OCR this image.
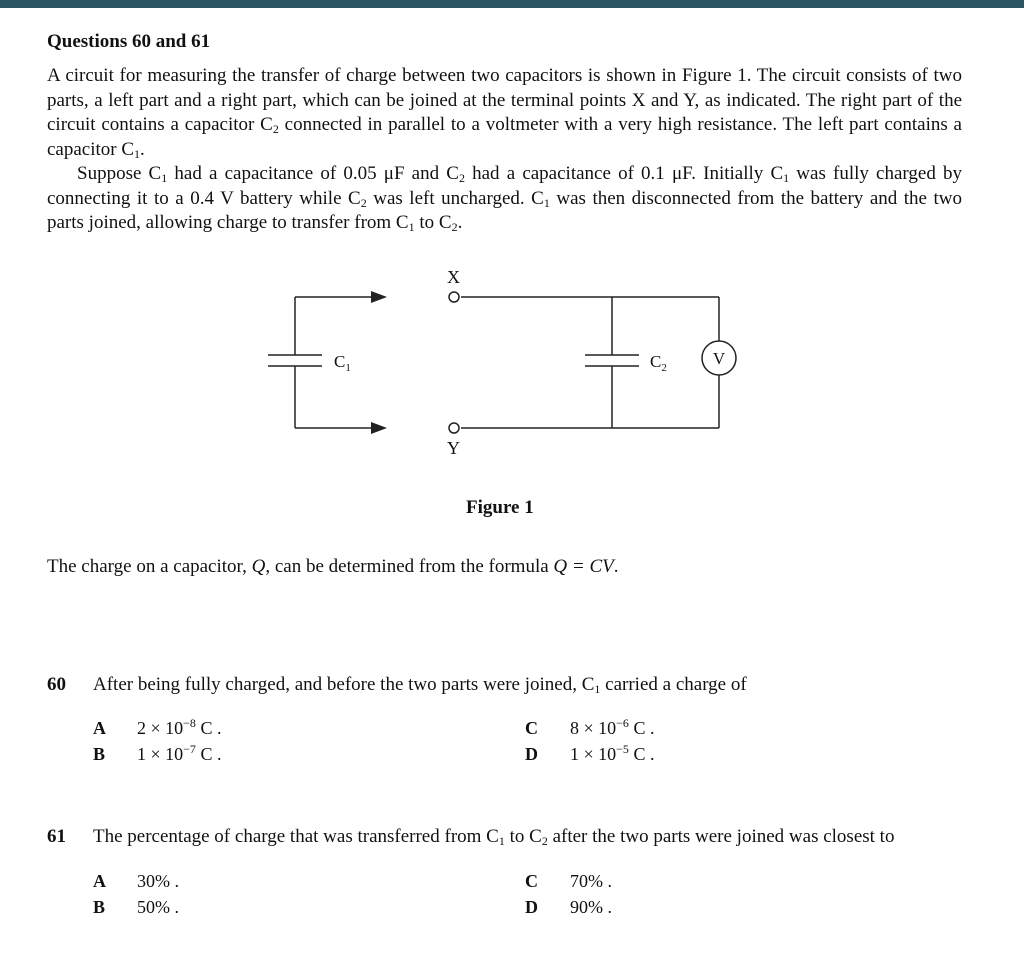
Questions 60 and 61

A circuit for measuring the transfer of charge between two capacitors is shown in Figure 1. The circuit consists of two parts, a left part and a right part, which can be joined at the terminal points X and Y, as indicated. The right part of the circuit contains a capacitor $C_2$ connected in parallel to a voltmeter with a very high resistance. The left part contains a capacitor $C_1$.

Suppose $C_1$ had a capacitance of 0.05 μF and $C_2$ had a capacitance of 0.1 μF. Initially $C_1$ was fully charged by connecting it to a 0.4 V battery while $C_2$ was left uncharged. $C_1$ was then disconnected from the battery and the two parts joined, allowing charge to transfer from $C_1$ to $C_2$.

X
Y
$C_1$	$C_2$	V
Figure 1
The charge on a capacitor, Q, can be determined from the formula Q = CV.
60 After being fully charged, and before the two parts were joined, $C_1$ carried a charge of
A $2 \times 10^{-8}$ C .
B $1 \times 10^{-7}$ C .
C $8 \times 10^{-6}$ C .
D $1 \times 10^{-5}$ C .
61 The percentage of charge that was transferred from $C_1$ to $C_2$ after the two parts were joined was closest to
A 30% .
B 50% .
C 70% .
D 90% .
